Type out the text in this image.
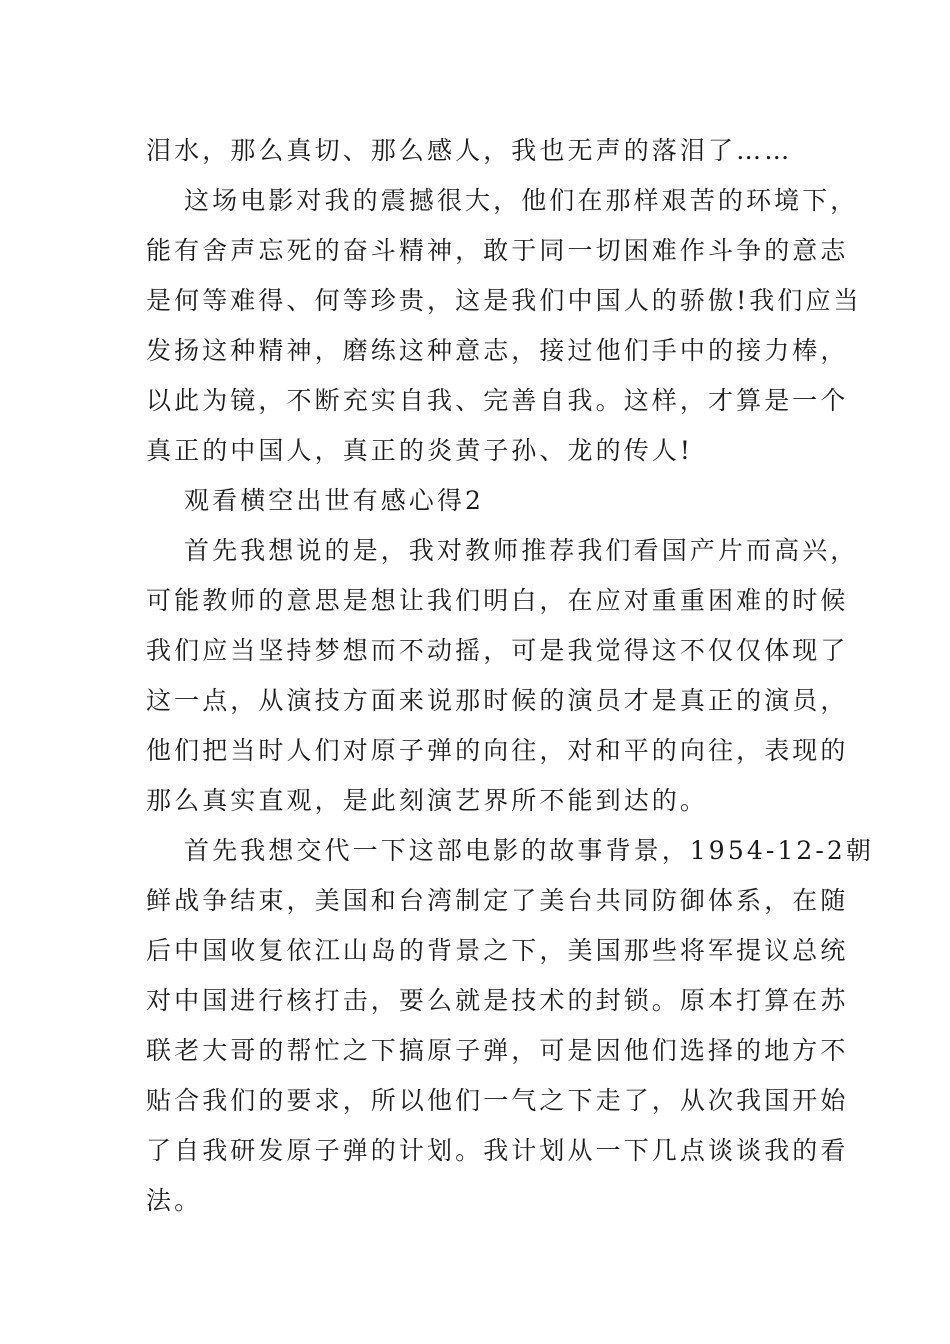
泪水，那么真切、那么感人，我也无声的落泪了……
这场电影对我的震撼很大，他们在那样艰苦的环境下，
能有舍声忘死的奋斗精神，敢于同一切困难作斗争的意志
是何等难得、何等珍贵，这是我们中国人的骄傲!我们应当
发扬这种精神，磨练这种意志，接过他们手中的接力棒，
以此为镜，不断充实自我、完善自我。这样，才算是一个
真正的中国人，真正的炎黄子孙、龙的传人!
观看横空出世有感心得2
首先我想说的是，我对教师推荐我们看国产片而高兴，
可能教师的意思是想让我们明白，在应对重重困难的时候
我们应当坚持梦想而不动摇，可是我觉得这不仅仅体现了
这一点，从演技方面来说那时候的演员才是真正的演员，
他们把当时人们对原子弹的向往，对和平的向往，表现的
那么真实直观，是此刻演艺界所不能到达的。
首先我想交代一下这部电影的故事背景，1954-12-2朝
鲜战争结束，美国和台湾制定了美台共同防御体系，在随
后中国收复依江山岛的背景之下，美国那些将军提议总统
对中国进行核打击，要么就是技术的封锁。原本打算在苏
联老大哥的帮忙之下搞原子弹，可是因他们选择的地方不
贴合我们的要求，所以他们一气之下走了，从次我国开始
了自我研发原子弹的计划。我计划从一下几点谈谈我的看
法。
